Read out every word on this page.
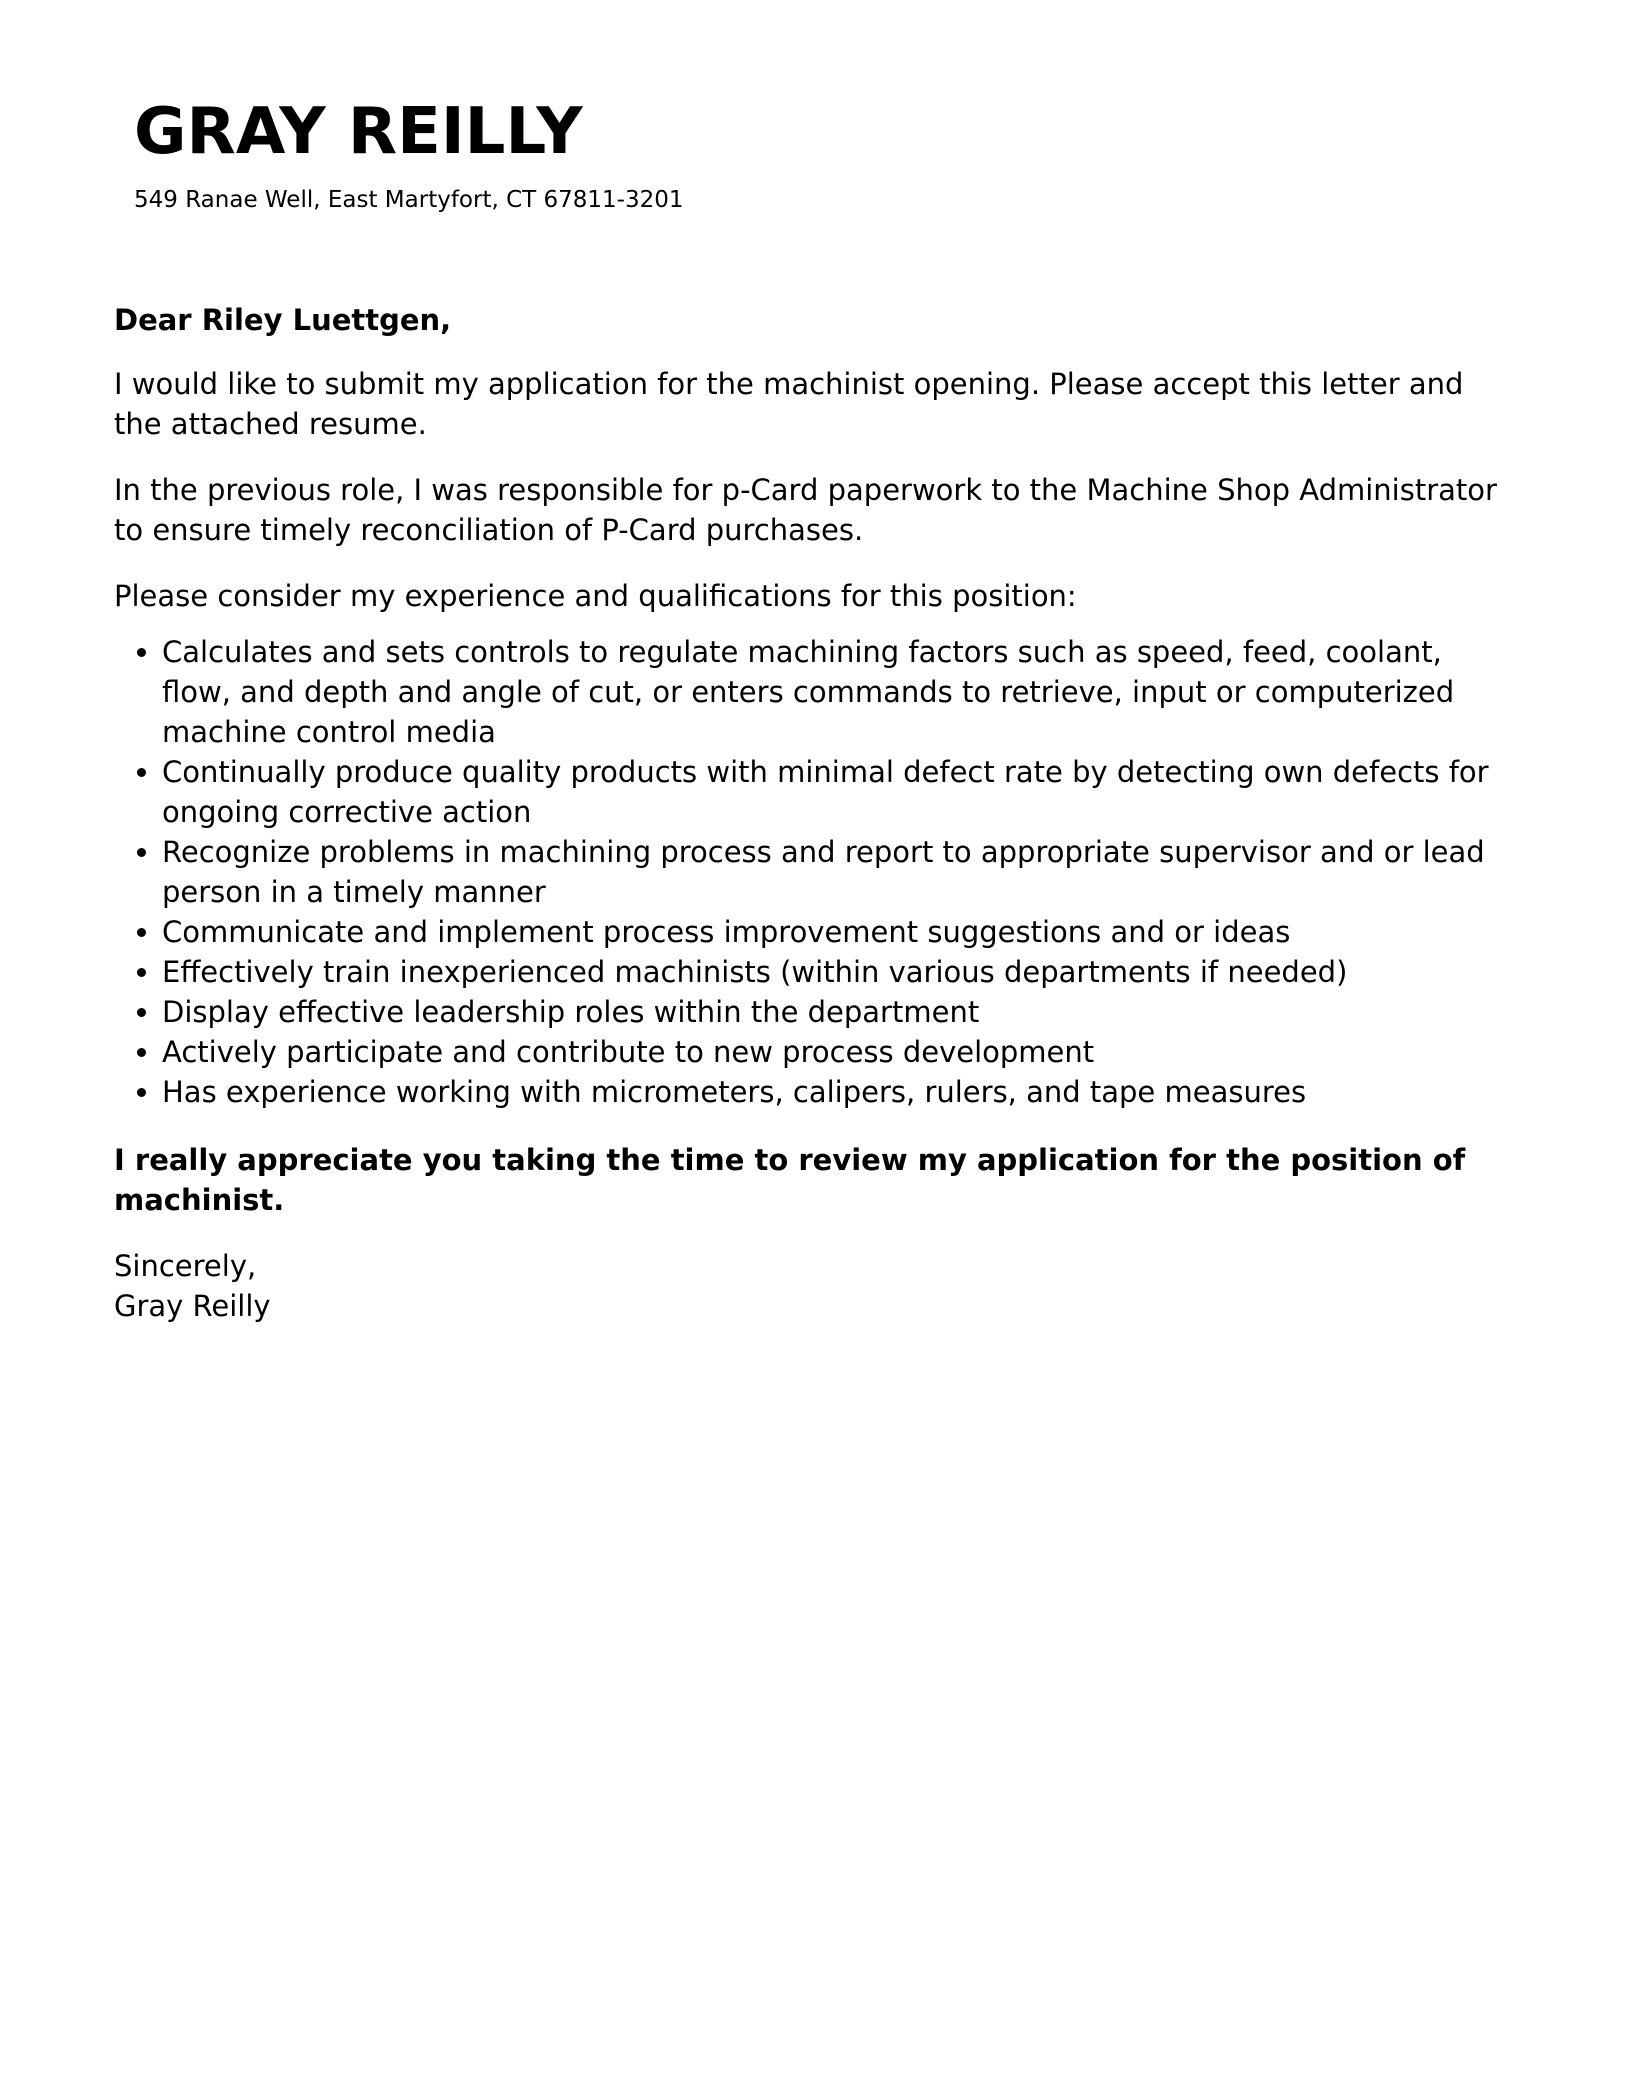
GRAY REILLY
549 Ranae Well, East Martyfort, CT 67811-3201

Dear Riley Luettgen,

I would like to submit my application for the machinist opening. Please accept this letter and the attached resume.

In the previous role, I was responsible for p-Card paperwork to the Machine Shop Administrator to ensure timely reconciliation of P-Card purchases.

Please consider my experience and qualifications for this position:

• Calculates and sets controls to regulate machining factors such as speed, feed, coolant, flow, and depth and angle of cut, or enters commands to retrieve, input or computerized machine control media
• Continually produce quality products with minimal defect rate by detecting own defects for ongoing corrective action
• Recognize problems in machining process and report to appropriate supervisor and or lead person in a timely manner
• Communicate and implement process improvement suggestions and or ideas
• Effectively train inexperienced machinists (within various departments if needed)
• Display effective leadership roles within the department
• Actively participate and contribute to new process development
• Has experience working with micrometers, calipers, rulers, and tape measures

I really appreciate you taking the time to review my application for the position of machinist.

Sincerely,

Gray Reilly
